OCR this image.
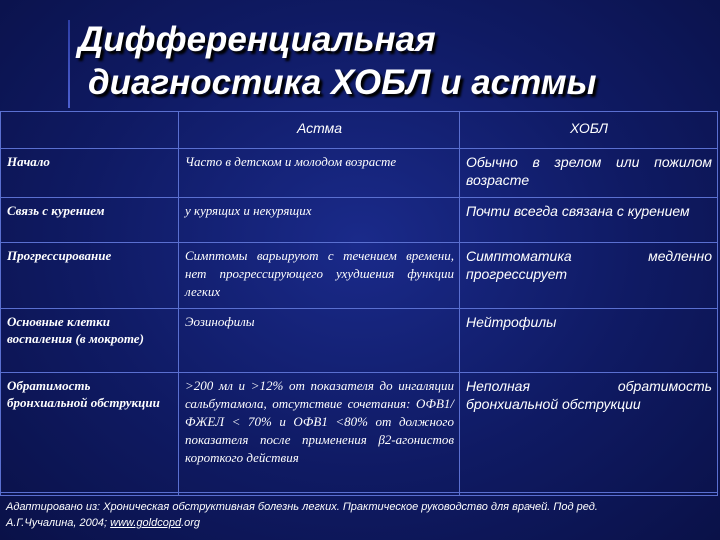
Дифференциальная
диагностика ХОБЛ и астмы
	Астма	ХОБЛ
Начало	Часто в детском и молодом возрасте	Обычно в зрелом или пожилом возрасте
Связь с курением	у курящих и некурящих	Почти всегда связана с курением
Прогрессирование	Симптомы варьируют с течением времени, нет прогрессирующего ухудшения функции легких	Симптоматика медленно прогрессирует
Основные клетки воспаления (в мокроте)	Эозинофилы	Нейтрофилы
Обратимость бронхиальной обструкции	>200 мл и >12% от показателя до ингаляции сальбутамола, отсутствие сочетания: ОФВ1/ФЖЕЛ < 70% и ОФВ1 <80% от должного показателя после применения β2-агонистов короткого действия	Неполная обратимость бронхиальной обструкции
Адаптировано из: Хроническая обструктивная болезнь легких. Практическое руководство для врачей. Под ред.
А.Г.Чучалина, 2004; www.goldcopd.org
